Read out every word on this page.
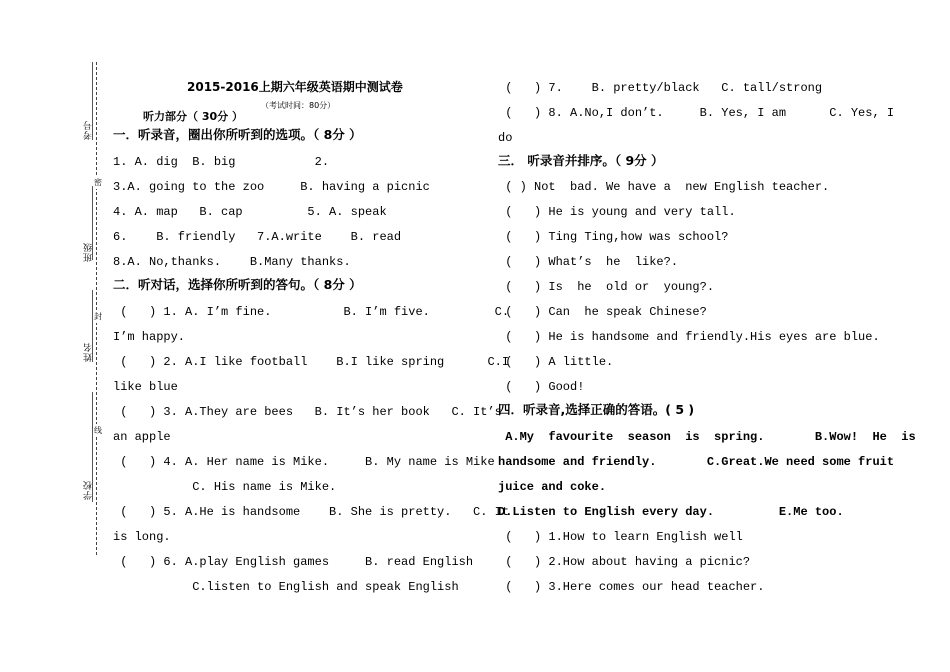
考号
班级
姓名
学校
密
封
线
2015-2016上期六年级英语期中测试卷
（考试时间：80分）
听力部分（ 30分 ）
一．听录音，圈出你所听到的选项。（ 8分 ）
1. A. dig  B. big           2.
3.A. going to the zoo     B. having a picnic
4. A. map   B. cap         5. A. speak
6.    B. friendly   7.A.write    B. read
8.A. No,thanks.    B.Many thanks.
二．听对话，选择你所听到的答句。（ 8分 ）
(   ) 1. A. I’m fine.          B. I’m five.         C.
I’m happy.
(   ) 2. A.I like football    B.I like spring      C.I
like blue
(   ) 3. A.They are bees   B. It’s her book   C. It’s
an apple
(   ) 4. A. Her name is Mike.     B. My name is Mike
C. His name is Mike.
(   ) 5. A.He is handsome    B. She is pretty.   C. It
is long.
(   ) 6. A.play English games     B. read English
C.listen to English and speak English
(   ) 7.    B. pretty/black   C. tall/strong
(   ) 8. A.No,I don’t.     B. Yes, I am      C. Yes, I
do
三． 听录音并排序。（ 9分 ）
( ) Not  bad. We have a  new English teacher.
(   ) He is young and very tall.
(   ) Ting Ting,how was school?
(   ) What’s  he  like?.
(   ) Is  he  old or  young?.
(   ) Can  he speak Chinese?
(   ) He is handsome and friendly.His eyes are blue.
(   ) A little.
(   ) Good!
四．听录音,选择正确的答语。( 5 )
A.My  favourite  season  is  spring.       B.Wow!  He  is
handsome and friendly.       C.Great.We need some fruit
juice and coke.
D.Listen to English every day.         E.Me too.
(   ) 1.How to learn English well
(   ) 2.How about having a picnic?
(   ) 3.Here comes our head teacher.
